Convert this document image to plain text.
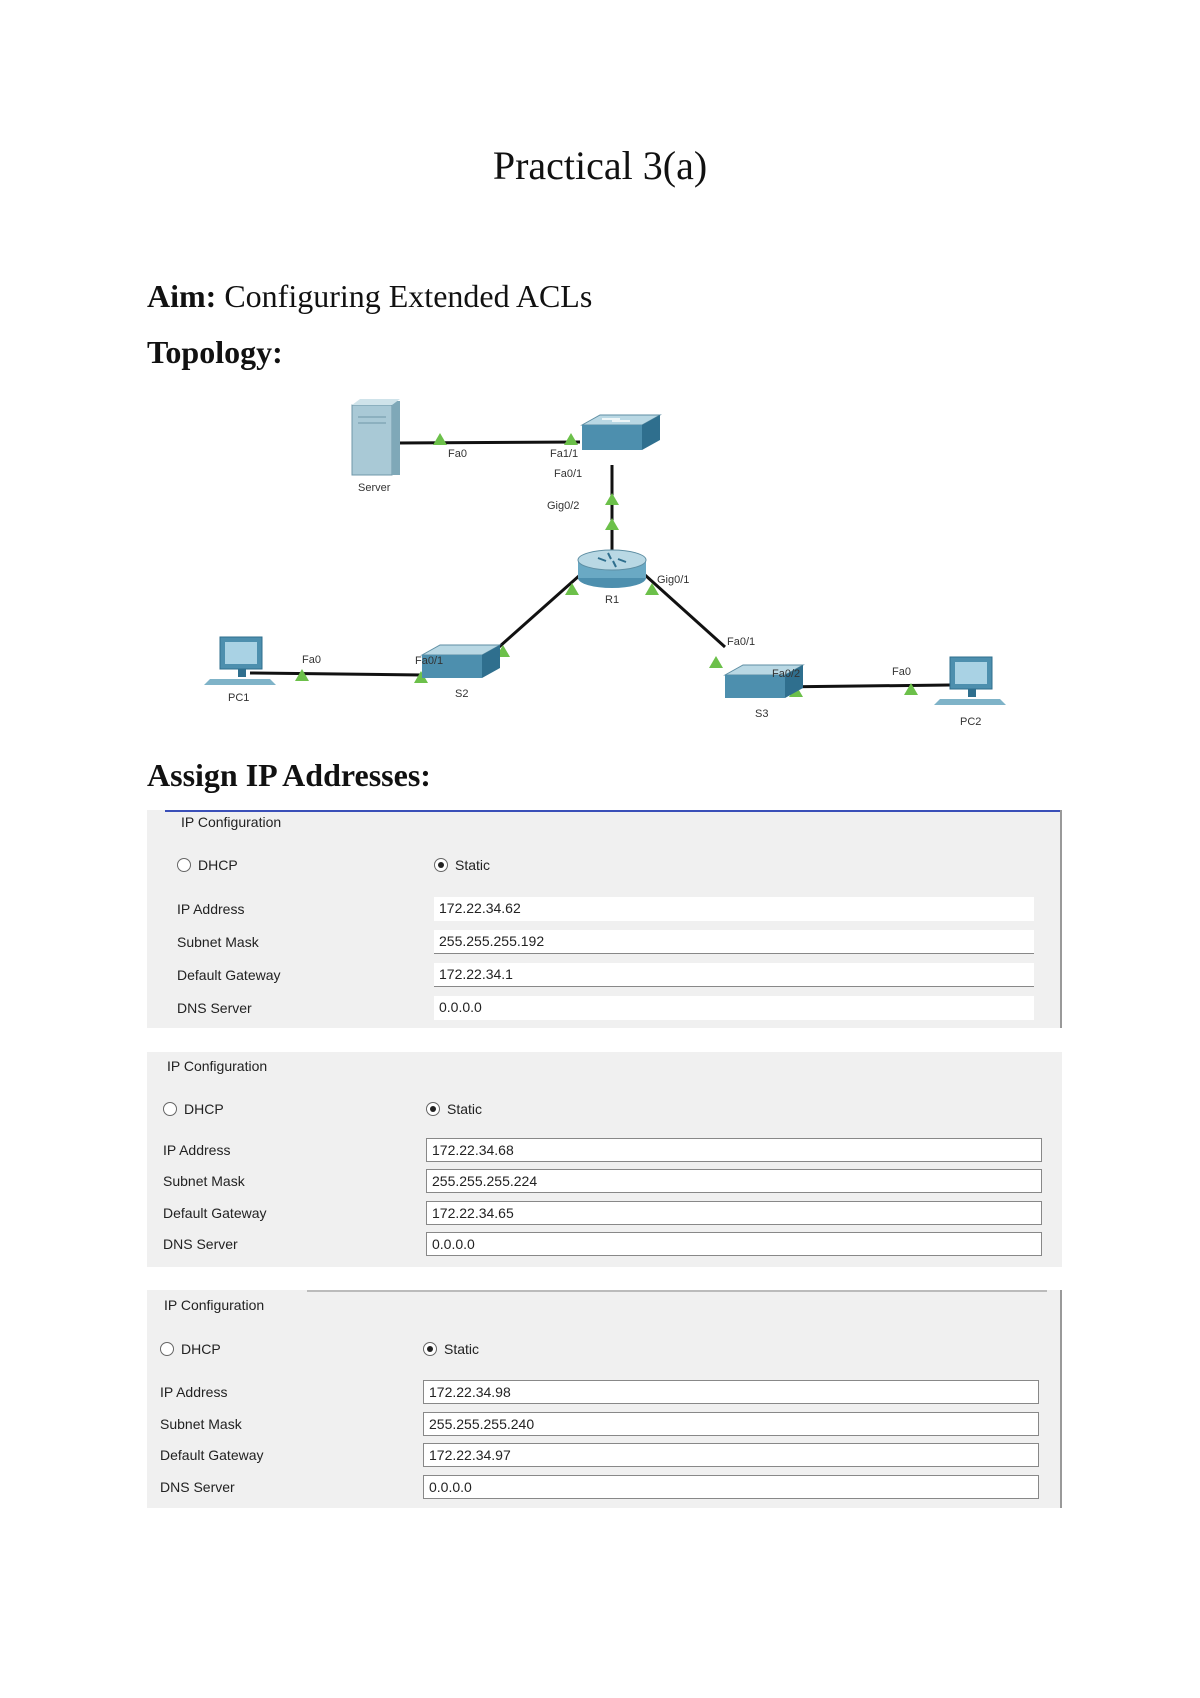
Practical 3(a)
Aim: Configuring Extended ACLs
Topology:
Server
Fa0	Fa1/1
Fa0/1
Gig0/2
R1
Gig0/1
PC1
Fa0
S2
Fa0/1
S3
Fa0/1
Fa0/2
PC2
Fa0
Assign IP Addresses:
IP Configuration
DHCP	Static
IP Address	172.22.34.62
Subnet Mask	255.255.255.192
Default Gateway	172.22.34.1
DNS Server	0.0.0.0
IP Configuration
DHCP	Static
IP Address	172.22.34.68
Subnet Mask	255.255.255.224
Default Gateway	172.22.34.65
DNS Server	0.0.0.0
IP Configuration
DHCP	Static
IP Address	172.22.34.98
Subnet Mask	255.255.255.240
Default Gateway	172.22.34.97
DNS Server	0.0.0.0
